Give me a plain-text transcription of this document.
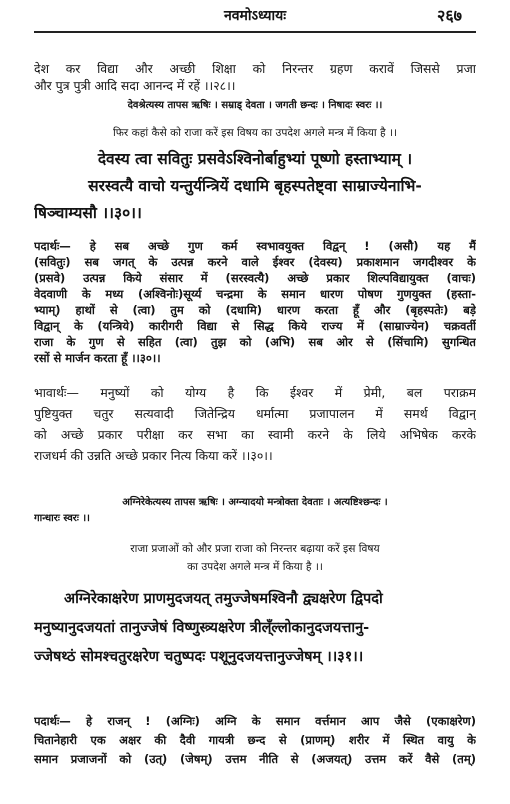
नवमोऽध्यायः	२६७
देश कर विद्या और अच्छी शिक्षा को निरन्तर ग्रहण करावें जिससे प्रजा
और पुत्र पुत्री आदि सदा आनन्द में रहें ।।२८।।
देवश्रेत्यस्य तापस ऋषिः । सम्राड् देवता । जगती छन्दः । निषादः स्वरः ।।
फिर कहां कैसे को राजा करें इस विषय का उपदेश अगले मन्त्र में किया है ।।
देवस्य त्वा सवितुः प्रसवेऽश्विनोर्बाहुभ्यां पूष्णो हस्ताभ्याम् ।
सरस्वत्यै वाचो यन्तुर्यन्त्रियें दधामि बृहस्पतेष्ट्वा साम्राज्येनाभि-
षिञ्चाम्यसौ ।।३०।।
पदार्थः— हे सब अच्छे गुण कर्म स्वभावयुक्त विद्वन् ! (असौ) यह मैं
(सवितुः) सब जगत् के उत्पन्न करने वाले ईश्वर (देवस्य) प्रकाशमान जगदीश्वर के
(प्रसवे) उत्पन्न किये संसार में (सरस्वत्यै) अच्छे प्रकार शिल्पविद्यायुक्त (वाचः)
वेदवाणी के मध्य (अश्विनोः)सूर्य्य चन्द्रमा के समान धारण पोषण गुणयुक्त (हस्ता-
भ्याम्) हाथों से (त्वा) तुम को (दधामि) धारण करता हूँ और (बृहस्पतेः) बड़े
विद्वान् के (यन्त्रिये) कारीगरी विद्या से सिद्ध किये राज्य में (साम्राज्येन) चक्रवर्ती
राजा के गुण से सहित (त्वा) तुझ को (अभि) सब ओर से (सिंचामि) सुगन्धित
रसों से मार्जन करता हूँ ।।३०।।
भावार्थः— मनुष्यों को योग्य है कि ईश्वर में प्रेमी, बल पराक्रम
पुष्टियुक्त चतुर सत्यवादी जितेन्द्रिय धर्मात्मा प्रजापालन में समर्थ विद्वान्
को अच्छे प्रकार परीक्षा कर सभा का स्वामी करने के लिये अभिषेक करके
राजधर्म की उन्नति अच्छे प्रकार नित्य किया करें ।।३०।।
अग्निरेकेत्यस्य तापस ऋषिः । अग्न्यादयो मन्त्रोक्ता देवताः । अत्यष्टिश्छन्दः ।
गान्धारः स्वरः ।।
राजा प्रजाओं को और प्रजा राजा को निरन्तर बढ़ाया करें इस विषय
का उपदेश अगले मन्त्र में किया है ।।
अग्निरेकाक्षरेण प्राणमुदजयत् तमुज्जेषमश्विनौ द्व्यक्षरेण द्विपदो
मनुष्यानुदजयतां तानुज्जेषं विष्णुस्त्र्यक्षरेण त्रील्ँल्लोकानुदजयत्तानु-
ज्जेषथ्ठं सोमश्चतुरक्षरेण चतुष्पदः पशूनुदजयत्तानुज्जेषम् ।।३१।।
पदार्थः— हे राजन् ! (अग्निः) अग्नि के समान वर्त्तमान आप जैसे (एकाक्षरेण)
चितानेहारी एक अक्षर की दैवी गायत्री छन्द से (प्राणम्) शरीर में स्थित वायु के
समान प्रजाजनों को (उत्) (जेषम्) उत्तम नीति से (अजयत्) उत्तम करें वैसे (तम्)
